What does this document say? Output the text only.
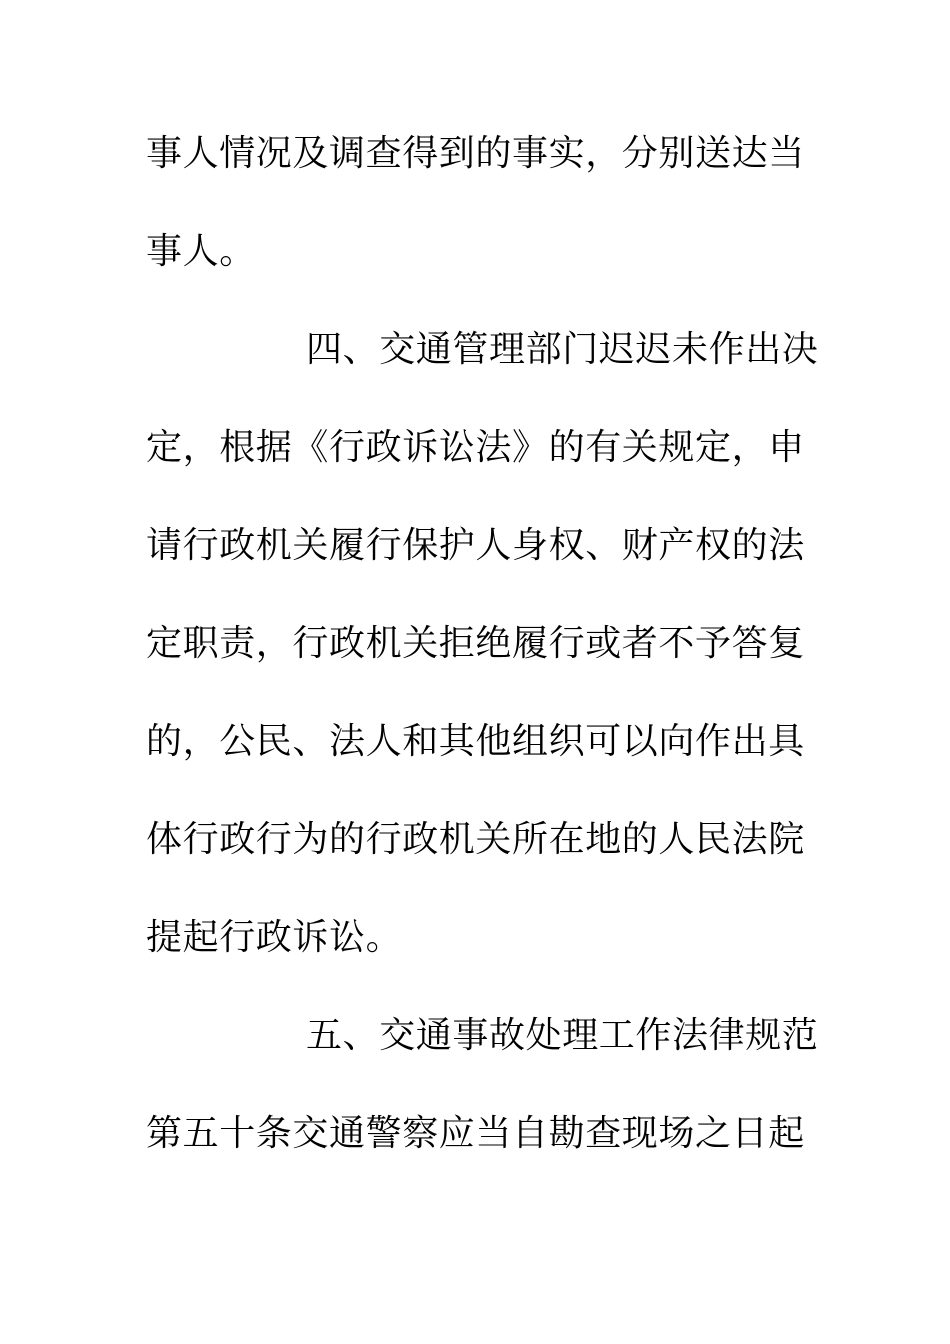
事人情况及调查得到的事实，分别送达当
事人。
四、交通管理部门迟迟未作出决
定，根据《行政诉讼法》的有关规定，申
请行政机关履行保护人身权、财产权的法
定职责，行政机关拒绝履行或者不予答复
的，公民、法人和其他组织可以向作出具
体行政行为的行政机关所在地的人民法院
提起行政诉讼。
五、交通事故处理工作法律规范
第五十条交通警察应当自勘查现场之日起
